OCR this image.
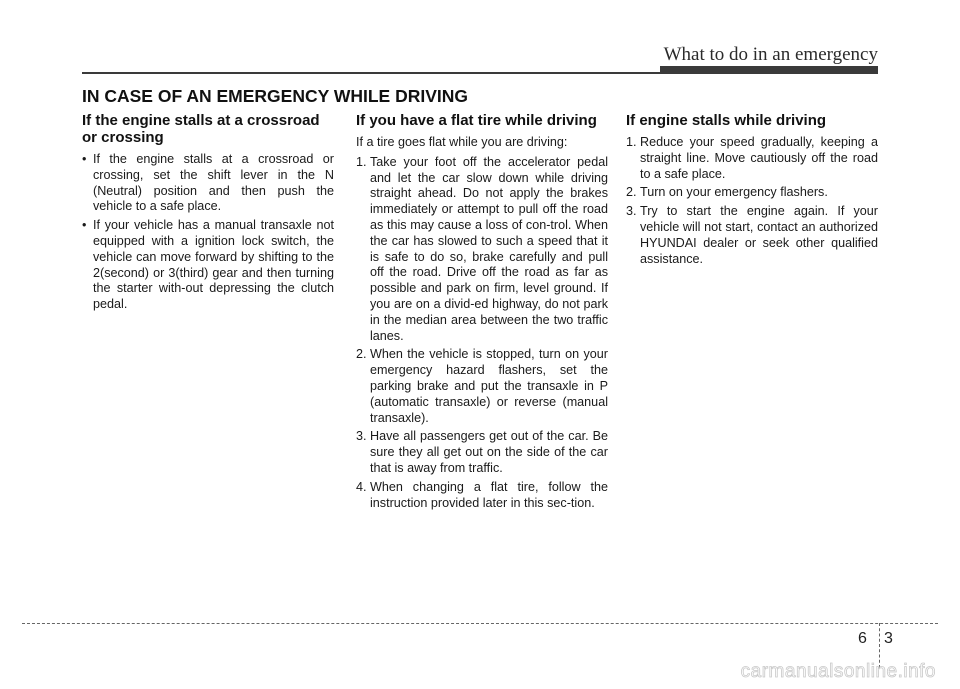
What to do in an emergency
IN CASE OF AN EMERGENCY WHILE DRIVING
If the engine stalls at a crossroad or crossing
• If the engine stalls at a crossroad or crossing, set the shift lever in the N (Neutral) position and then push the vehicle to a safe place.
• If your vehicle has a manual transaxle not equipped with a ignition lock switch, the vehicle can move forward by shifting to the 2(second) or 3(third) gear and then turning the starter with-out depressing the clutch pedal.
If you have a flat tire while driving

If a tire goes flat while you are driving:

1. Take your foot off the accelerator pedal and let the car slow down while driving straight ahead. Do not apply the brakes immediately or attempt to pull off the road as this may cause a loss of con-trol. When the car has slowed to such a speed that it is safe to do so, brake carefully and pull off the road. Drive off the road as far as possible and park on firm, level ground. If you are on a divid-ed highway, do not park in the median area between the two traffic lanes.
2. When the vehicle is stopped, turn on your emergency hazard flashers, set the parking brake and put the transaxle in P (automatic transaxle) or reverse (manual transaxle).
3. Have all passengers get out of the car. Be sure they all get out on the side of the car that is away from traffic.
4. When changing a flat tire, follow the instruction provided later in this sec-tion.
If engine stalls while driving
1. Reduce your speed gradually, keeping a straight line. Move cautiously off the road to a safe place.
2. Turn on your emergency flashers.
3. Try to start the engine again. If your vehicle will not start, contact an authorized HYUNDAI dealer or seek other qualified assistance.
6 3
carmanualsonline.info
